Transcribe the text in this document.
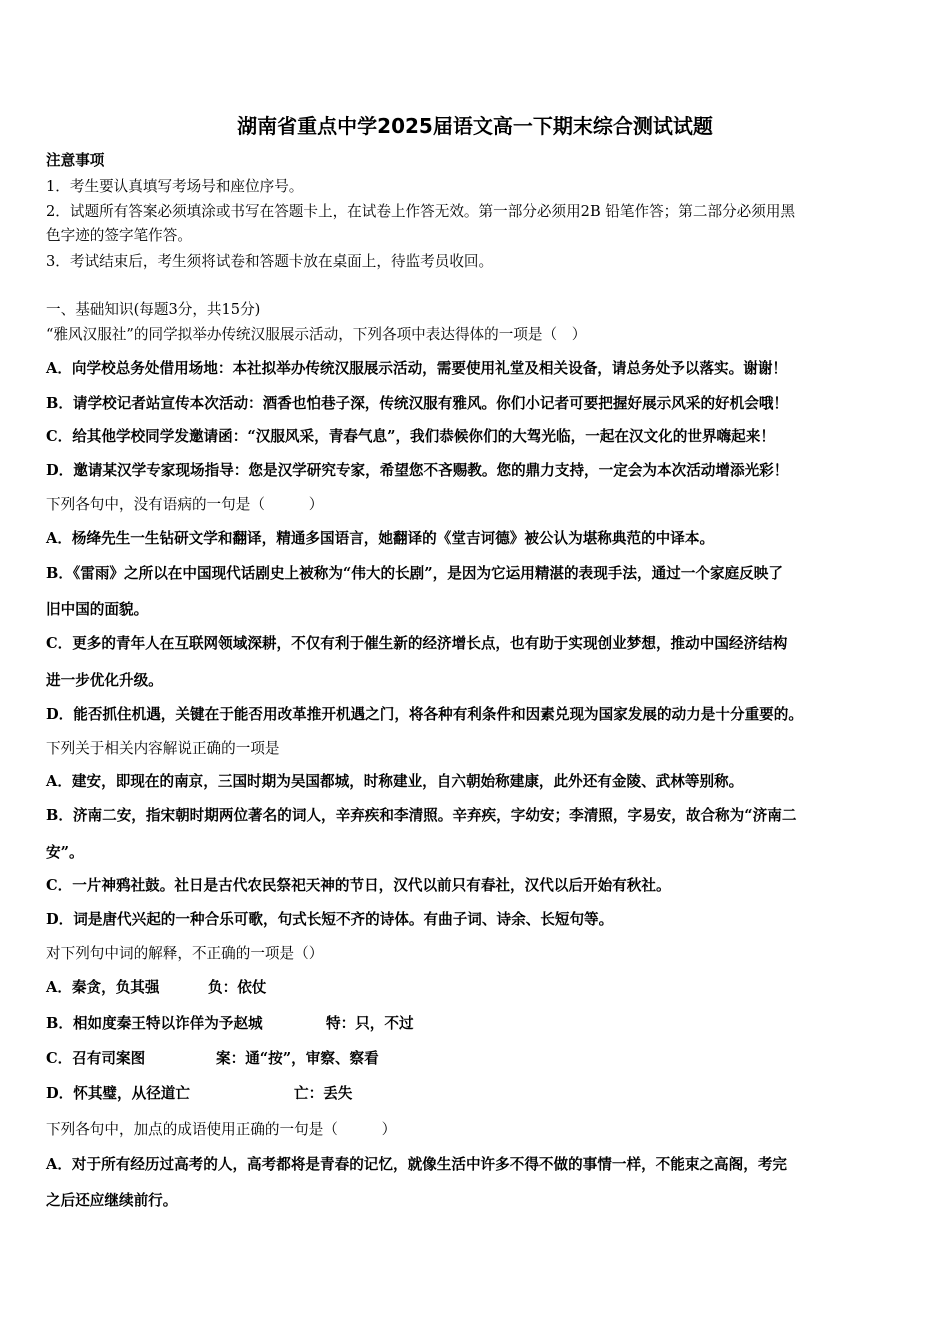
湖南省重点中学2025届语文高一下期末综合测试试题
注意事项
1．考生要认真填写考场号和座位序号。
2．试题所有答案必须填涂或书写在答题卡上，在试卷上作答无效。第一部分必须用2B 铅笔作答；第二部分必须用黑
色字迹的签字笔作答。
3．考试结束后，考生须将试卷和答题卡放在桌面上，待监考员收回。
一、基础知识(每题3分，共15分)
“雅风汉服社”的同学拟举办传统汉服展示活动，下列各项中表达得体的一项是（　）
A．向学校总务处借用场地：本社拟举办传统汉服展示活动，需要使用礼堂及相关设备，请总务处予以落实。谢谢！
B．请学校记者站宣传本次活动：酒香也怕巷子深，传统汉服有雅风。你们小记者可要把握好展示风采的好机会哦！
C．给其他学校同学发邀请函：“汉服风采，青春气息”，我们恭候你们的大驾光临，一起在汉文化的世界嗨起来！
D．邀请某汉学专家现场指导：您是汉学研究专家，希望您不吝赐教。您的鼎力支持，一定会为本次活动增添光彩！
下列各句中，没有语病的一句是（　　　）
A．杨绛先生一生钻研文学和翻译，精通多国语言，她翻译的《堂吉诃德》被公认为堪称典范的中译本。
B．《雷雨》之所以在中国现代话剧史上被称为“伟大的长剧”，是因为它运用精湛的表现手法，通过一个家庭反映了
旧中国的面貌。
C．更多的青年人在互联网领域深耕，不仅有利于催生新的经济增长点，也有助于实现创业梦想，推动中国经济结构
进一步优化升级。
D．能否抓住机遇，关键在于能否用改革推开机遇之门，将各种有利条件和因素兑现为国家发展的动力是十分重要的。
下列关于相关内容解说正确的一项是
A．建安，即现在的南京，三国时期为吴国都城，时称建业，自六朝始称建康，此外还有金陵、武林等别称。
B．济南二安，指宋朝时期两位著名的词人，辛弃疾和李清照。辛弃疾，字幼安；李清照，字易安，故合称为“济南二
安”。
C．一片神鸦社鼓。社日是古代农民祭祀天神的节日，汉代以前只有春社，汉代以后开始有秋社。
D．词是唐代兴起的一种合乐可歌，句式长短不齐的诗体。有曲子词、诗余、长短句等。
对下列句中词的解释，不正确的一项是（）
A．秦贪，负其强	负：依仗
B．相如度秦王特以诈佯为予赵城	特：只，不过
C．召有司案图	案：通“按”，审察、察看
D．怀其璧，从径道亡	亡：丢失
下列各句中，加点的成语使用正确的一句是（　　　）
A．对于所有经历过高考的人，高考都将是青春的记忆，就像生活中许多不得不做的事情一样，不能束之高阁，考完
之后还应继续前行。
